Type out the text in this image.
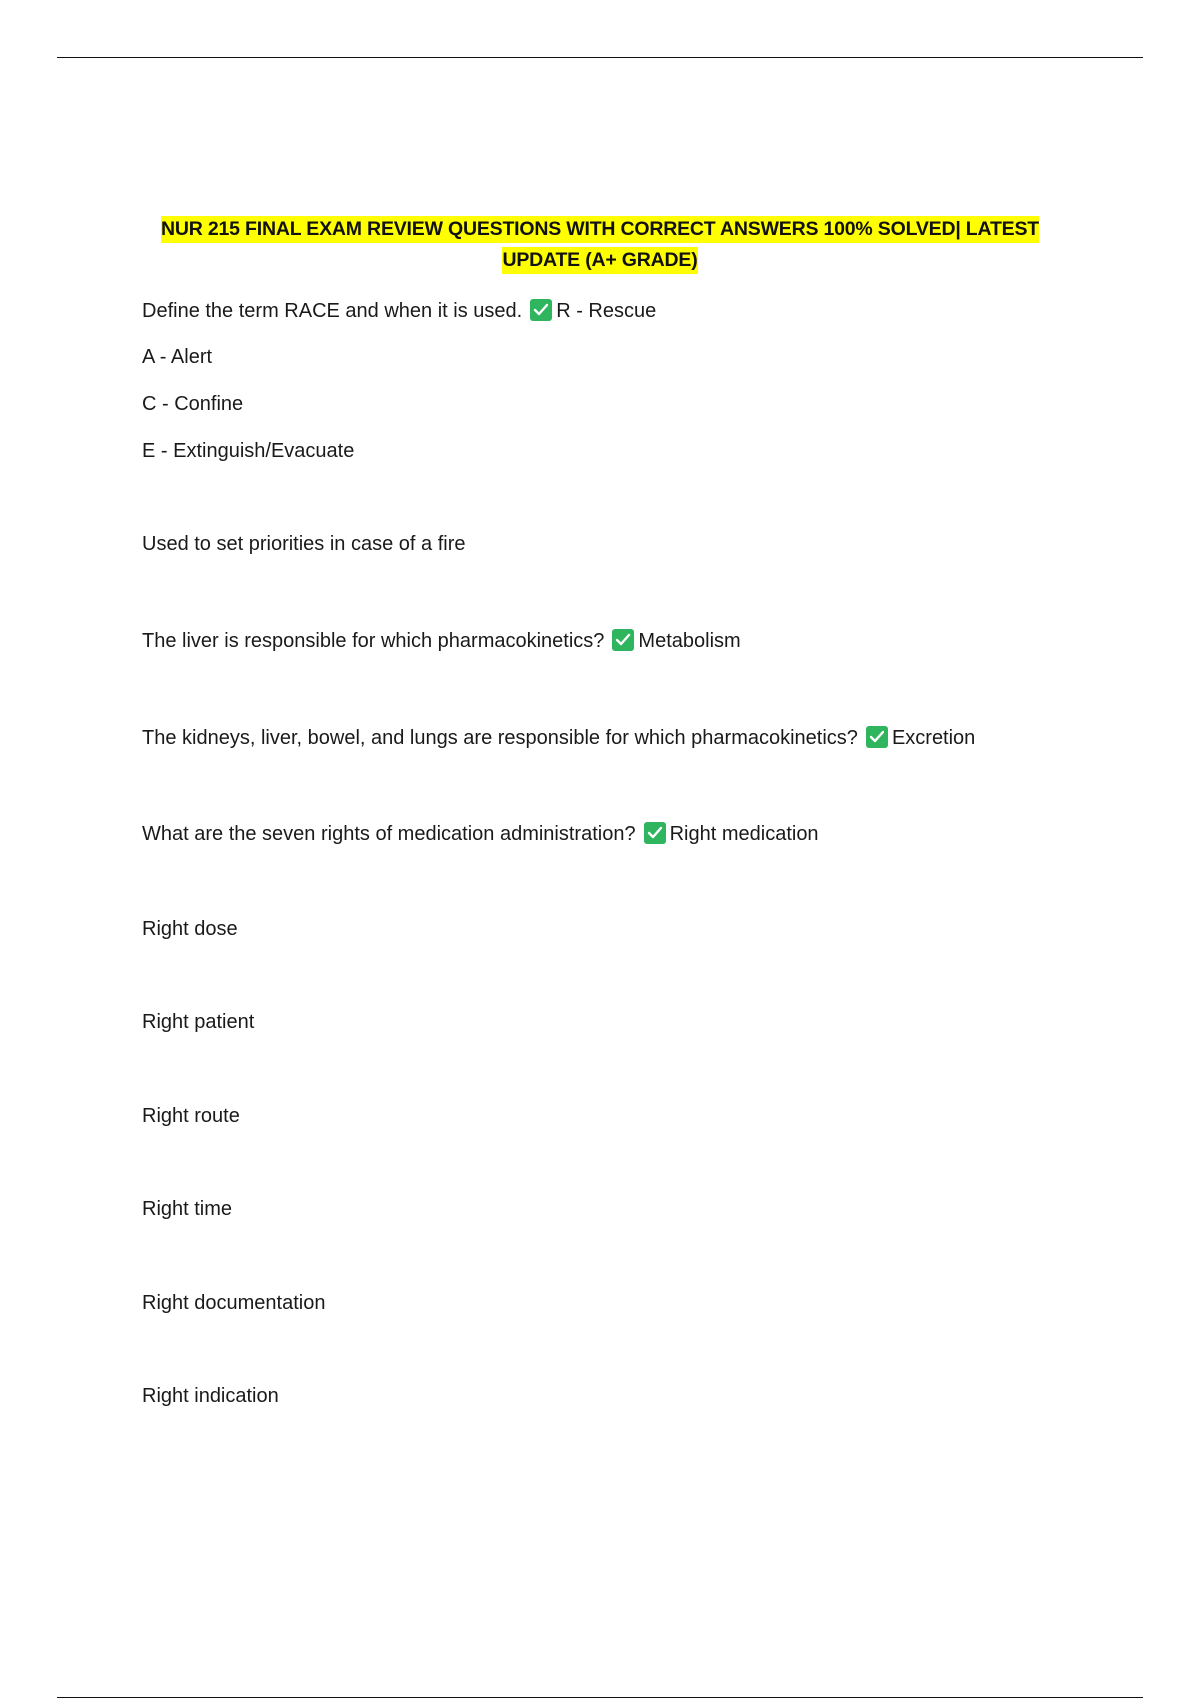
NUR 215 FINAL EXAM REVIEW QUESTIONS WITH CORRECT ANSWERS 100% SOLVED| LATEST
UPDATE (A+ GRADE)
Define the term RACE and when it is used. R - Rescue
A - Alert
C - Confine
E - Extinguish/Evacuate
Used to set priorities in case of a fire
The liver is responsible for which pharmacokinetics? Metabolism
The kidneys, liver, bowel, and lungs are responsible for which pharmacokinetics? Excretion
What are the seven rights of medication administration? Right medication
Right dose
Right patient
Right route
Right time
Right documentation
Right indication
